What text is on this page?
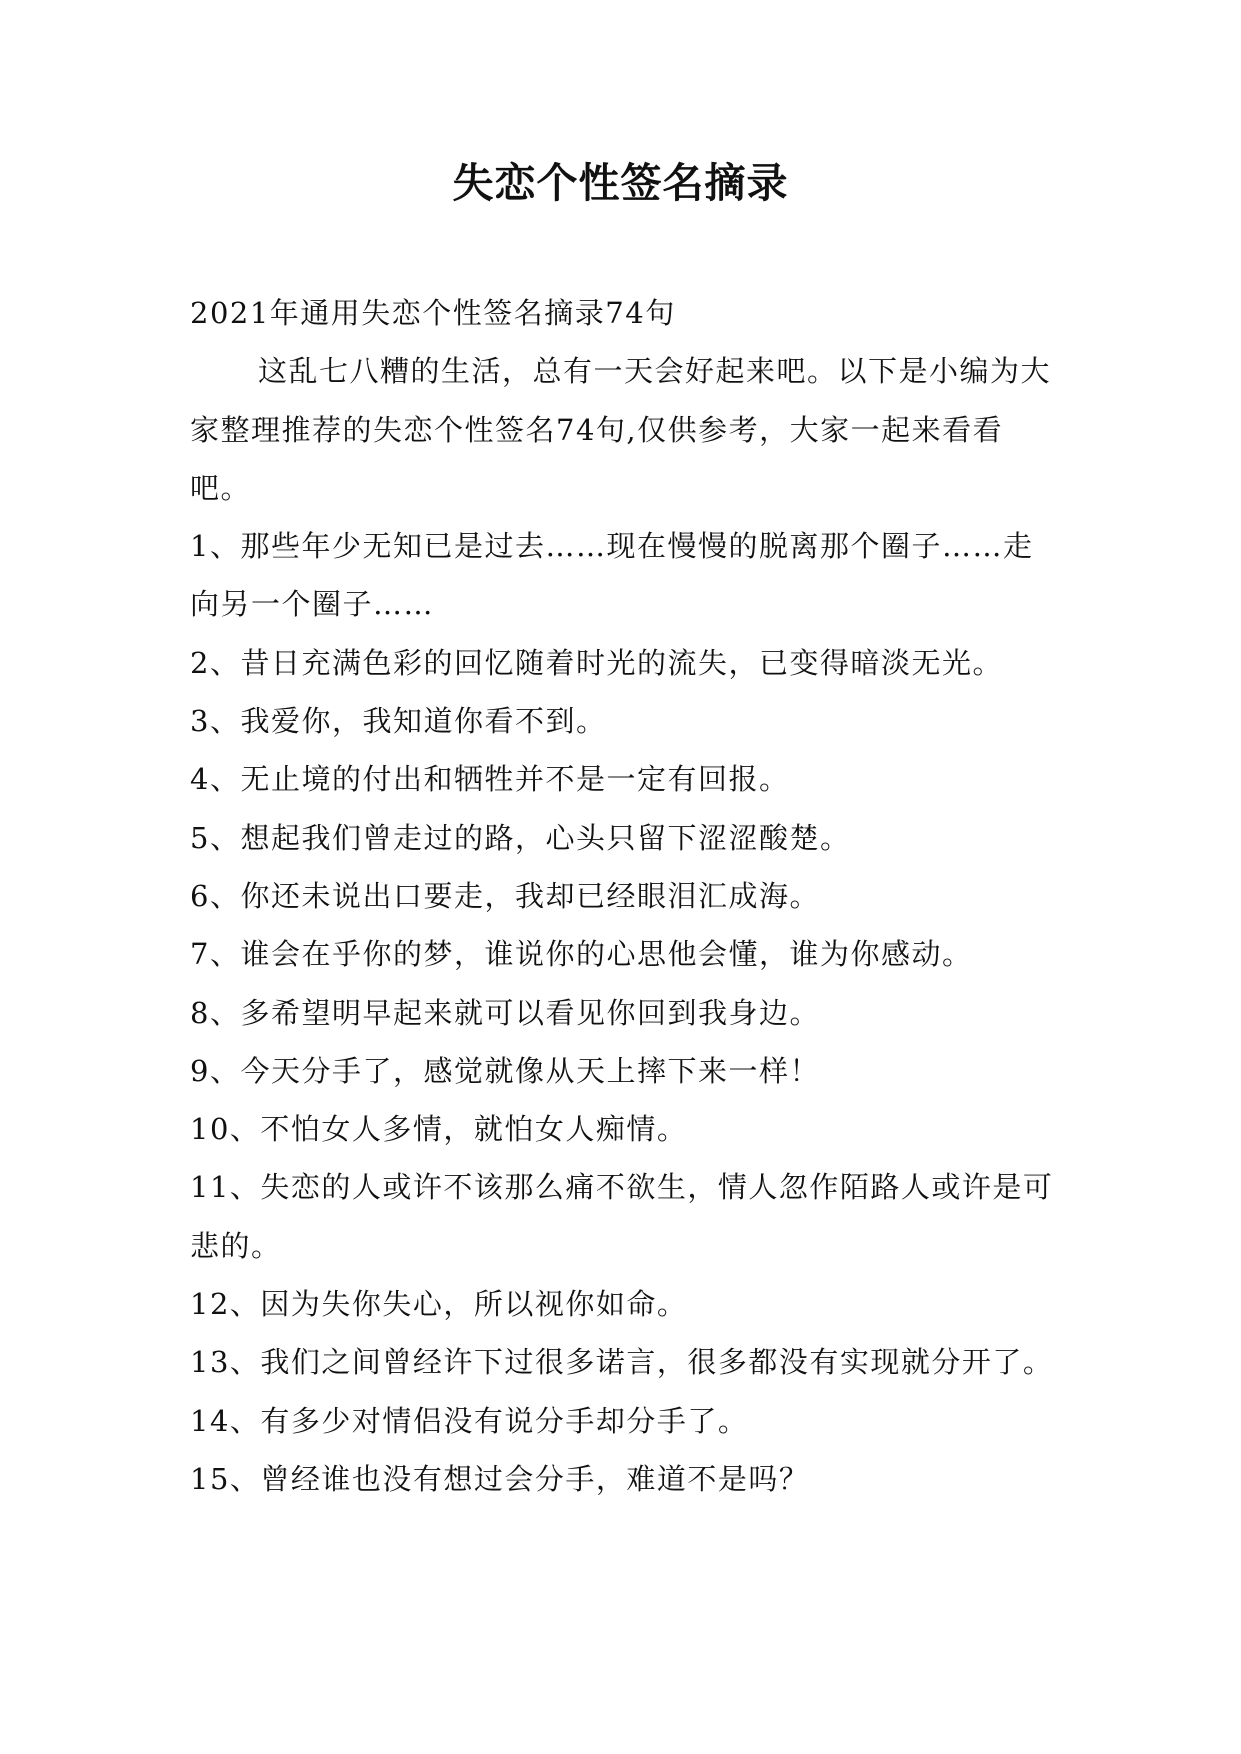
失恋个性签名摘录

2021年通用失恋个性签名摘录74句

这乱七八糟的生活，总有一天会好起来吧。以下是小编为大家整理推荐的失恋个性签名74句,仅供参考，大家一起来看看吧。

1、那些年少无知已是过去……现在慢慢的脱离那个圈子……走向另一个圈子……

2、昔日充满色彩的回忆随着时光的流失，已变得暗淡无光。

3、我爱你，我知道你看不到。

4、无止境的付出和牺牲并不是一定有回报。

5、想起我们曾走过的路，心头只留下涩涩酸楚。

6、你还未说出口要走，我却已经眼泪汇成海。

7、谁会在乎你的梦，谁说你的心思他会懂，谁为你感动。

8、多希望明早起来就可以看见你回到我身边。

9、今天分手了，感觉就像从天上摔下来一样！

10、不怕女人多情，就怕女人痴情。

11、失恋的人或许不该那么痛不欲生，情人忽作陌路人或许是可悲的。

12、因为失你失心，所以视你如命。

13、我们之间曾经许下过很多诺言，很多都没有实现就分开了。

14、有多少对情侣没有说分手却分手了。

15、曾经谁也没有想过会分手，难道不是吗？
